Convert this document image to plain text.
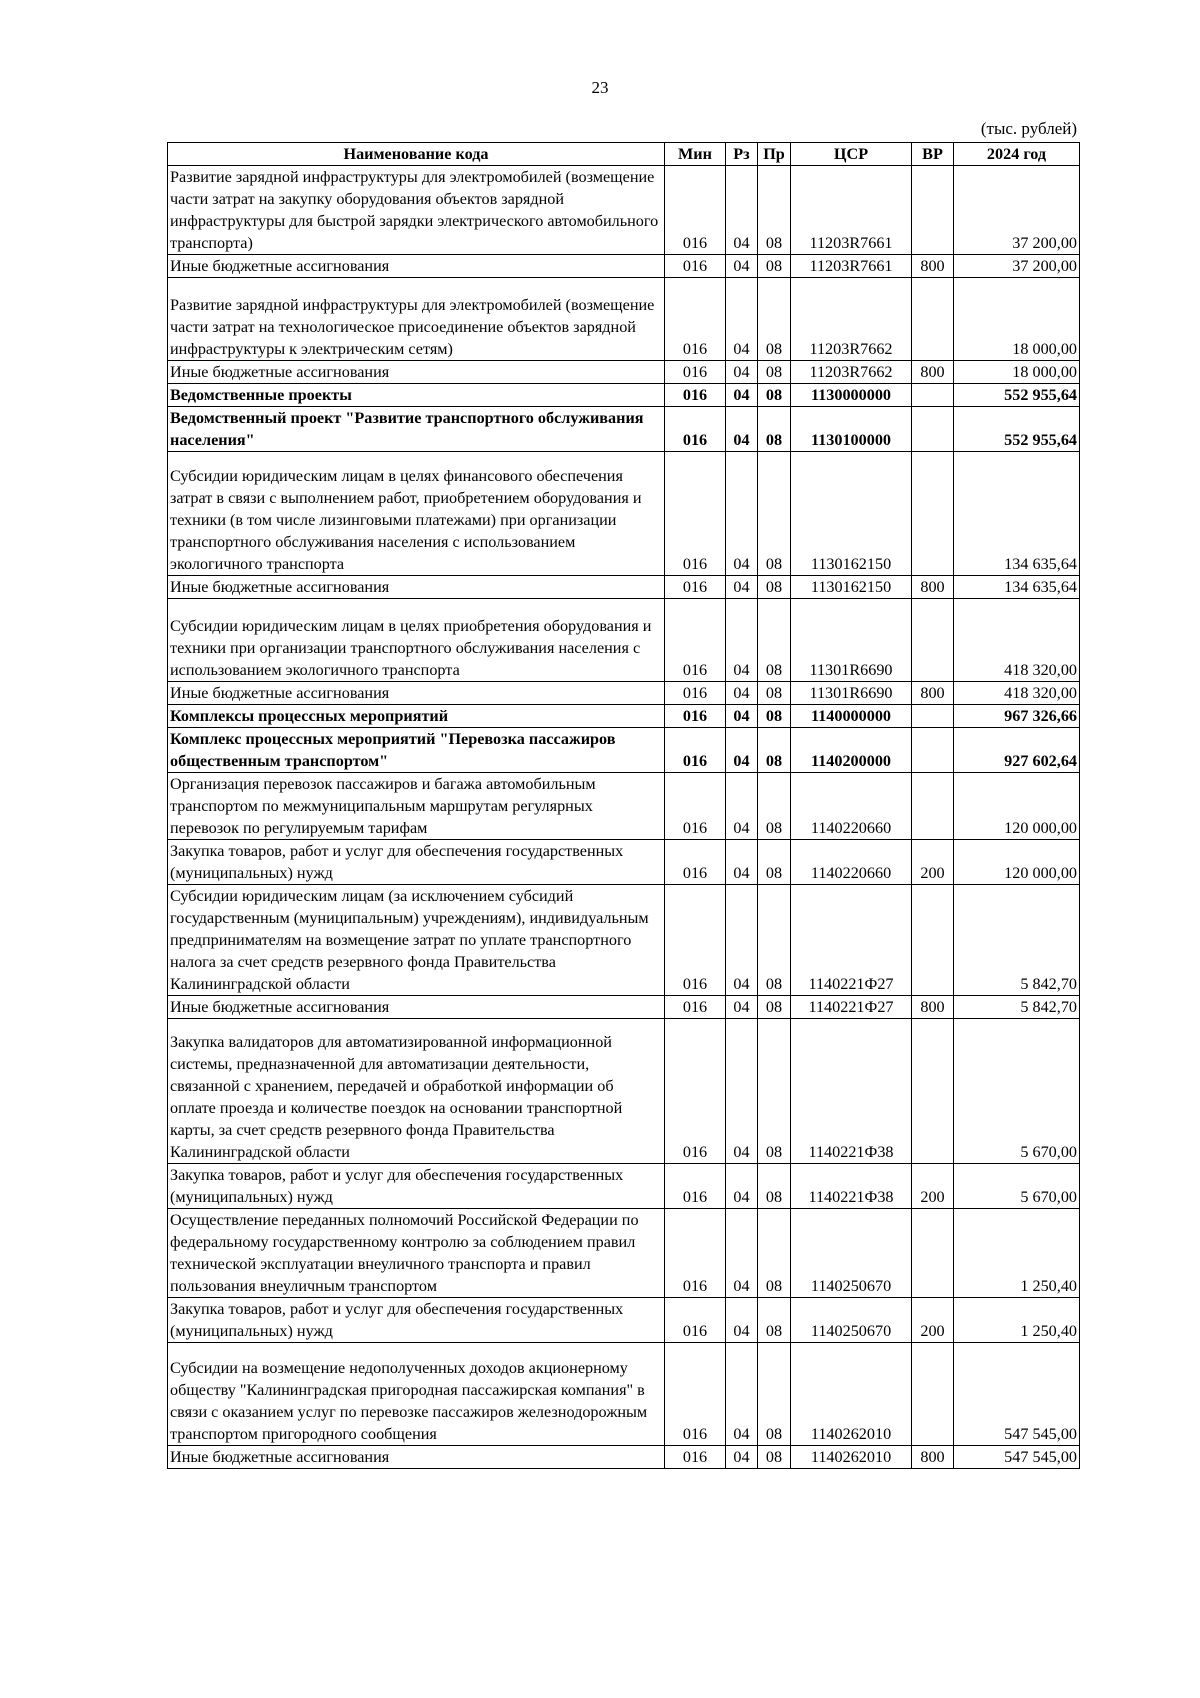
23
(тыс. рублей)
Наименование кода	Мин	Рз	Пр	ЦСР	ВР	2024 год
Развитие зарядной инфраструктуры для электромобилей (возмещение части затрат на закупку оборудования объектов зарядной инфраструктуры для быстрой зарядки электрического автомобильного транспорта)	016	04	08	11203R7661		37 200,00
Иные бюджетные ассигнования	016	04	08	11203R7661	800	37 200,00
Развитие зарядной инфраструктуры для электромобилей (возмещение части затрат на технологическое присоединение объектов зарядной инфраструктуры к электрическим сетям)	016	04	08	11203R7662		18 000,00
Иные бюджетные ассигнования	016	04	08	11203R7662	800	18 000,00
Ведомственные проекты	016	04	08	1130000000		552 955,64
Ведомственный проект "Развитие транспортного обслуживания населения"	016	04	08	1130100000		552 955,64
Субсидии юридическим лицам в целях финансового обеспечения затрат в связи с выполнением работ, приобретением оборудования и техники (в том числе лизинговыми платежами) при организации транспортного обслуживания населения с использованием экологичного транспорта	016	04	08	1130162150		134 635,64
Иные бюджетные ассигнования	016	04	08	1130162150	800	134 635,64
Субсидии юридическим лицам в целях приобретения оборудования и техники при организации транспортного обслуживания населения с использованием экологичного транспорта	016	04	08	11301R6690		418 320,00
Иные бюджетные ассигнования	016	04	08	11301R6690	800	418 320,00
Комплексы процессных мероприятий	016	04	08	1140000000		967 326,66
Комплекс процессных мероприятий "Перевозка пассажиров общественным транспортом"	016	04	08	1140200000		927 602,64
Организация перевозок пассажиров и багажа автомобильным транспортом по межмуниципальным маршрутам регулярных перевозок по регулируемым тарифам	016	04	08	1140220660		120 000,00
Закупка товаров, работ и услуг для обеспечения государственных (муниципальных) нужд	016	04	08	1140220660	200	120 000,00
Субсидии юридическим лицам (за исключением субсидий государственным (муниципальным) учреждениям), индивидуальным предпринимателям на возмещение затрат по уплате транспортного налога за счет средств резервного фонда Правительства Калининградской области	016	04	08	1140221Ф27		5 842,70
Иные бюджетные ассигнования	016	04	08	1140221Ф27	800	5 842,70
Закупка валидаторов для автоматизированной информационной системы, предназначенной для автоматизации деятельности, связанной с хранением, передачей и обработкой информации об оплате проезда и количестве поездок на основании транспортной карты, за счет средств резервного фонда Правительства Калининградской области	016	04	08	1140221Ф38		5 670,00
Закупка товаров, работ и услуг для обеспечения государственных (муниципальных) нужд	016	04	08	1140221Ф38	200	5 670,00
Осуществление переданных полномочий Российской Федерации по федеральному государственному контролю за соблюдением правил технической эксплуатации внеуличного транспорта и правил пользования внеуличным транспортом	016	04	08	1140250670		1 250,40
Закупка товаров, работ и услуг для обеспечения государственных (муниципальных) нужд	016	04	08	1140250670	200	1 250,40
Субсидии на возмещение недополученных доходов акционерному обществу "Калининградская пригородная пассажирская компания" в связи с оказанием услуг по перевозке пассажиров железнодорожным транспортом пригородного сообщения	016	04	08	1140262010		547 545,00
Иные бюджетные ассигнования	016	04	08	1140262010	800	547 545,00
